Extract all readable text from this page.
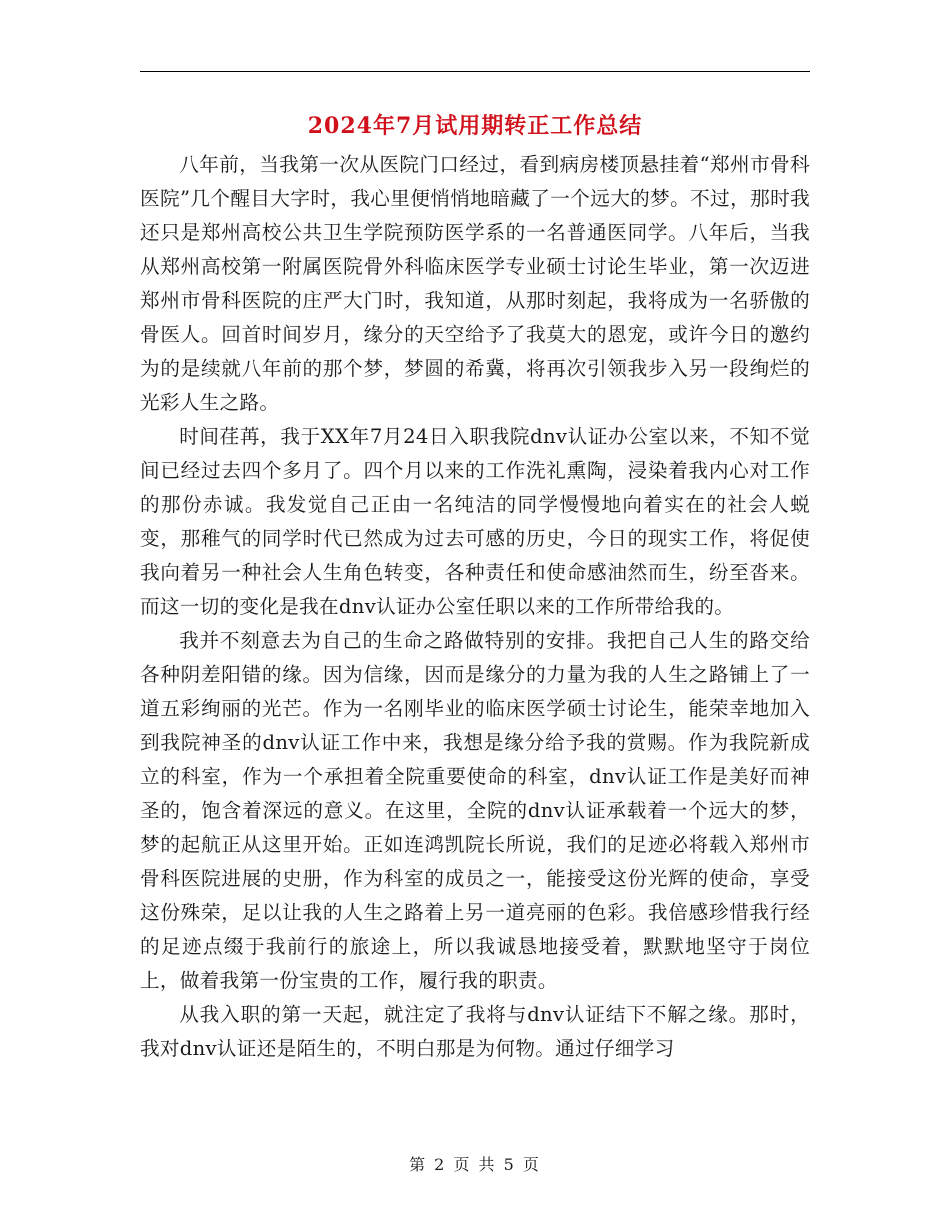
2024年7月试用期转正工作总结

八年前，当我第一次从医院门口经过，看到病房楼顶悬挂着“郑州市骨科医院”几个醒目大字时，我心里便悄悄地暗藏了一个远大的梦。不过，那时我还只是郑州高校公共卫生学院预防医学系的一名普通医同学。八年后，当我从郑州高校第一附属医院骨外科临床医学专业硕士讨论生毕业，第一次迈进郑州市骨科医院的庄严大门时，我知道，从那时刻起，我将成为一名骄傲的骨医人。回首时间岁月，缘分的天空给予了我莫大的恩宠，或许今日的邀约为的是续就八年前的那个梦，梦圆的希冀，将再次引领我步入另一段绚烂的光彩人生之路。

时间荏苒，我于XX年7月24日入职我院dnv认证办公室以来，不知不觉间已经过去四个多月了。四个月以来的工作洗礼熏陶，浸染着我内心对工作的那份赤诚。我发觉自己正由一名纯洁的同学慢慢地向着实在的社会人蜕变，那稚气的同学时代已然成为过去可感的历史，今日的现实工作，将促使我向着另一种社会人生角色转变，各种责任和使命感油然而生，纷至沓来。而这一切的变化是我在dnv认证办公室任职以来的工作所带给我的。

我并不刻意去为自己的生命之路做特别的安排。我把自己人生的路交给各种阴差阳错的缘。因为信缘，因而是缘分的力量为我的人生之路铺上了一道五彩绚丽的光芒。作为一名刚毕业的临床医学硕士讨论生，能荣幸地加入到我院神圣的dnv认证工作中来，我想是缘分给予我的赏赐。作为我院新成立的科室，作为一个承担着全院重要使命的科室，dnv认证工作是美好而神圣的，饱含着深远的意义。在这里，全院的dnv认证承载着一个远大的梦，梦的起航正从这里开始。正如连鸿凯院长所说，我们的足迹必将载入郑州市骨科医院进展的史册，作为科室的成员之一，能接受这份光辉的使命，享受这份殊荣，足以让我的人生之路着上另一道亮丽的色彩。我倍感珍惜我行经的足迹点缀于我前行的旅途上，所以我诚恳地接受着，默默地坚守于岗位上，做着我第一份宝贵的工作，履行我的职责。

从我入职的第一天起，就注定了我将与dnv认证结下不解之缘。那时，我对dnv认证还是陌生的，不明白那是为何物。通过仔细学习

第 2 页 共 5 页
